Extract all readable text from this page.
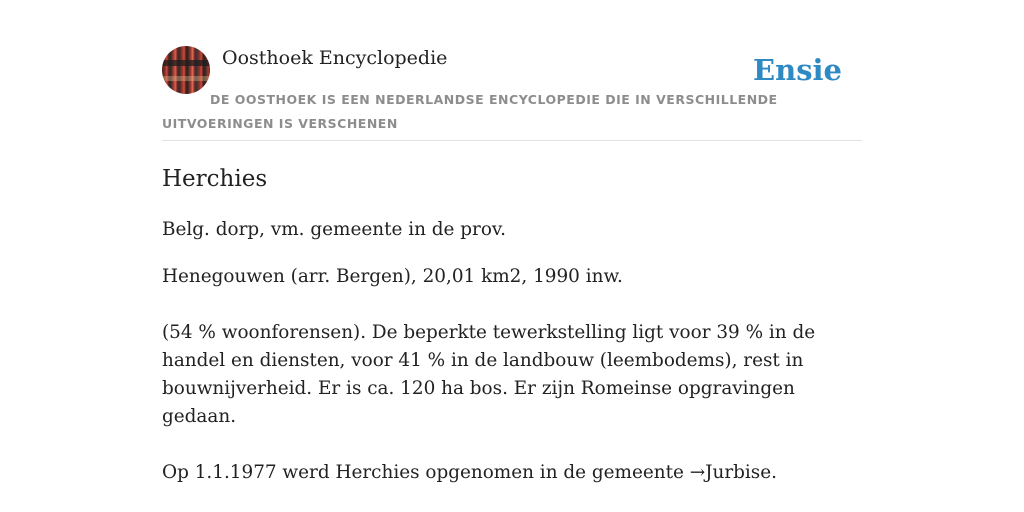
Oosthoek Encyclopedie	Ensie
DE OOSTHOEK IS EEN NEDERLANDSE ENCYCLOPEDIE DIE IN VERSCHILLENDE UITVOERINGEN IS VERSCHENEN
Herchies

Belg. dorp, vm. gemeente in de prov.

Henegouwen (arr. Bergen), 20,01 km2, 1990 inw.

(54 % woonforensen). De beperkte tewerkstelling ligt voor 39 % in de handel en diensten, voor 41 % in de landbouw (leembodems), rest in bouwnijverheid. Er is ca. 120 ha bos. Er zijn Romeinse opgravingen gedaan.

Op 1.1.1977 werd Herchies opgenomen in de gemeente →Jurbise.
